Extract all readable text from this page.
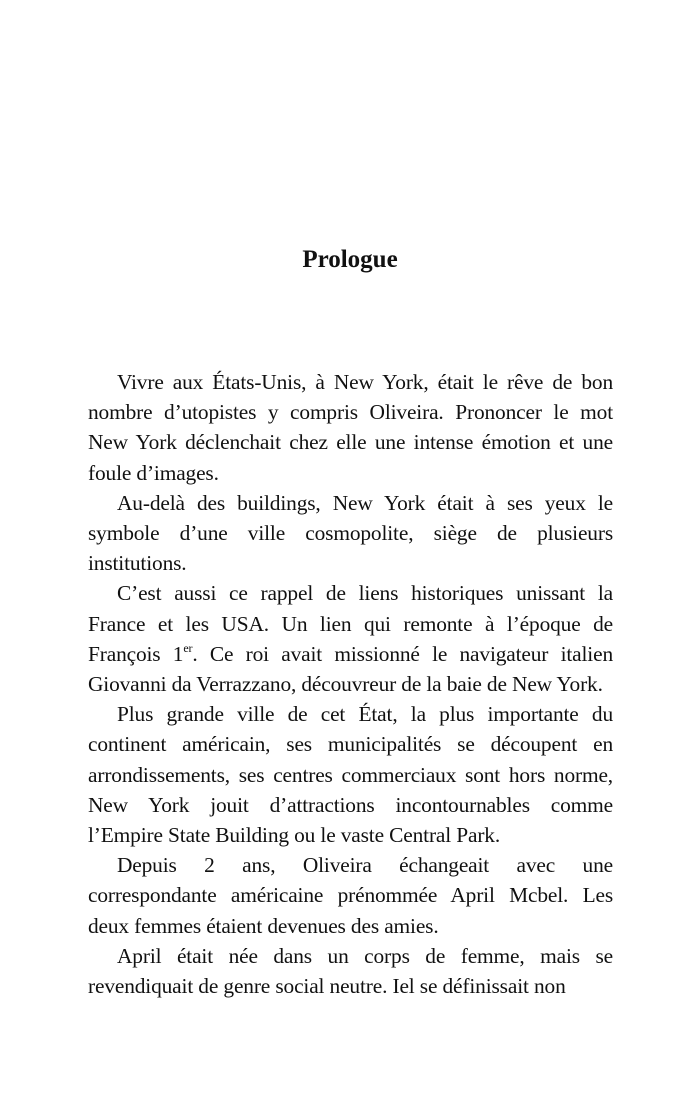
Prologue

Vivre aux États-Unis, à New York, était le rêve de bon nombre d’utopistes y compris Oliveira. Prononcer le mot New York déclenchait chez elle une intense émotion et une foule d’images.

Au-delà des buildings, New York était à ses yeux le symbole d’une ville cosmopolite, siège de plusieurs institutions.

C’est aussi ce rappel de liens historiques unissant la France et les USA. Un lien qui remonte à l’époque de François 1er. Ce roi avait missionné le navigateur italien Giovanni da Verrazzano, découvreur de la baie de New York.

Plus grande ville de cet État, la plus importante du continent américain, ses municipalités se découpent en arrondissements, ses centres commerciaux sont hors norme, New York jouit d’attractions incontournables comme l’Empire State Building ou le vaste Central Park.

Depuis 2 ans, Oliveira échangeait avec une correspondante américaine prénommée April Mcbel. Les deux femmes étaient devenues des amies.

April était née dans un corps de femme, mais se revendiquait de genre social neutre. Iel se définissait non
